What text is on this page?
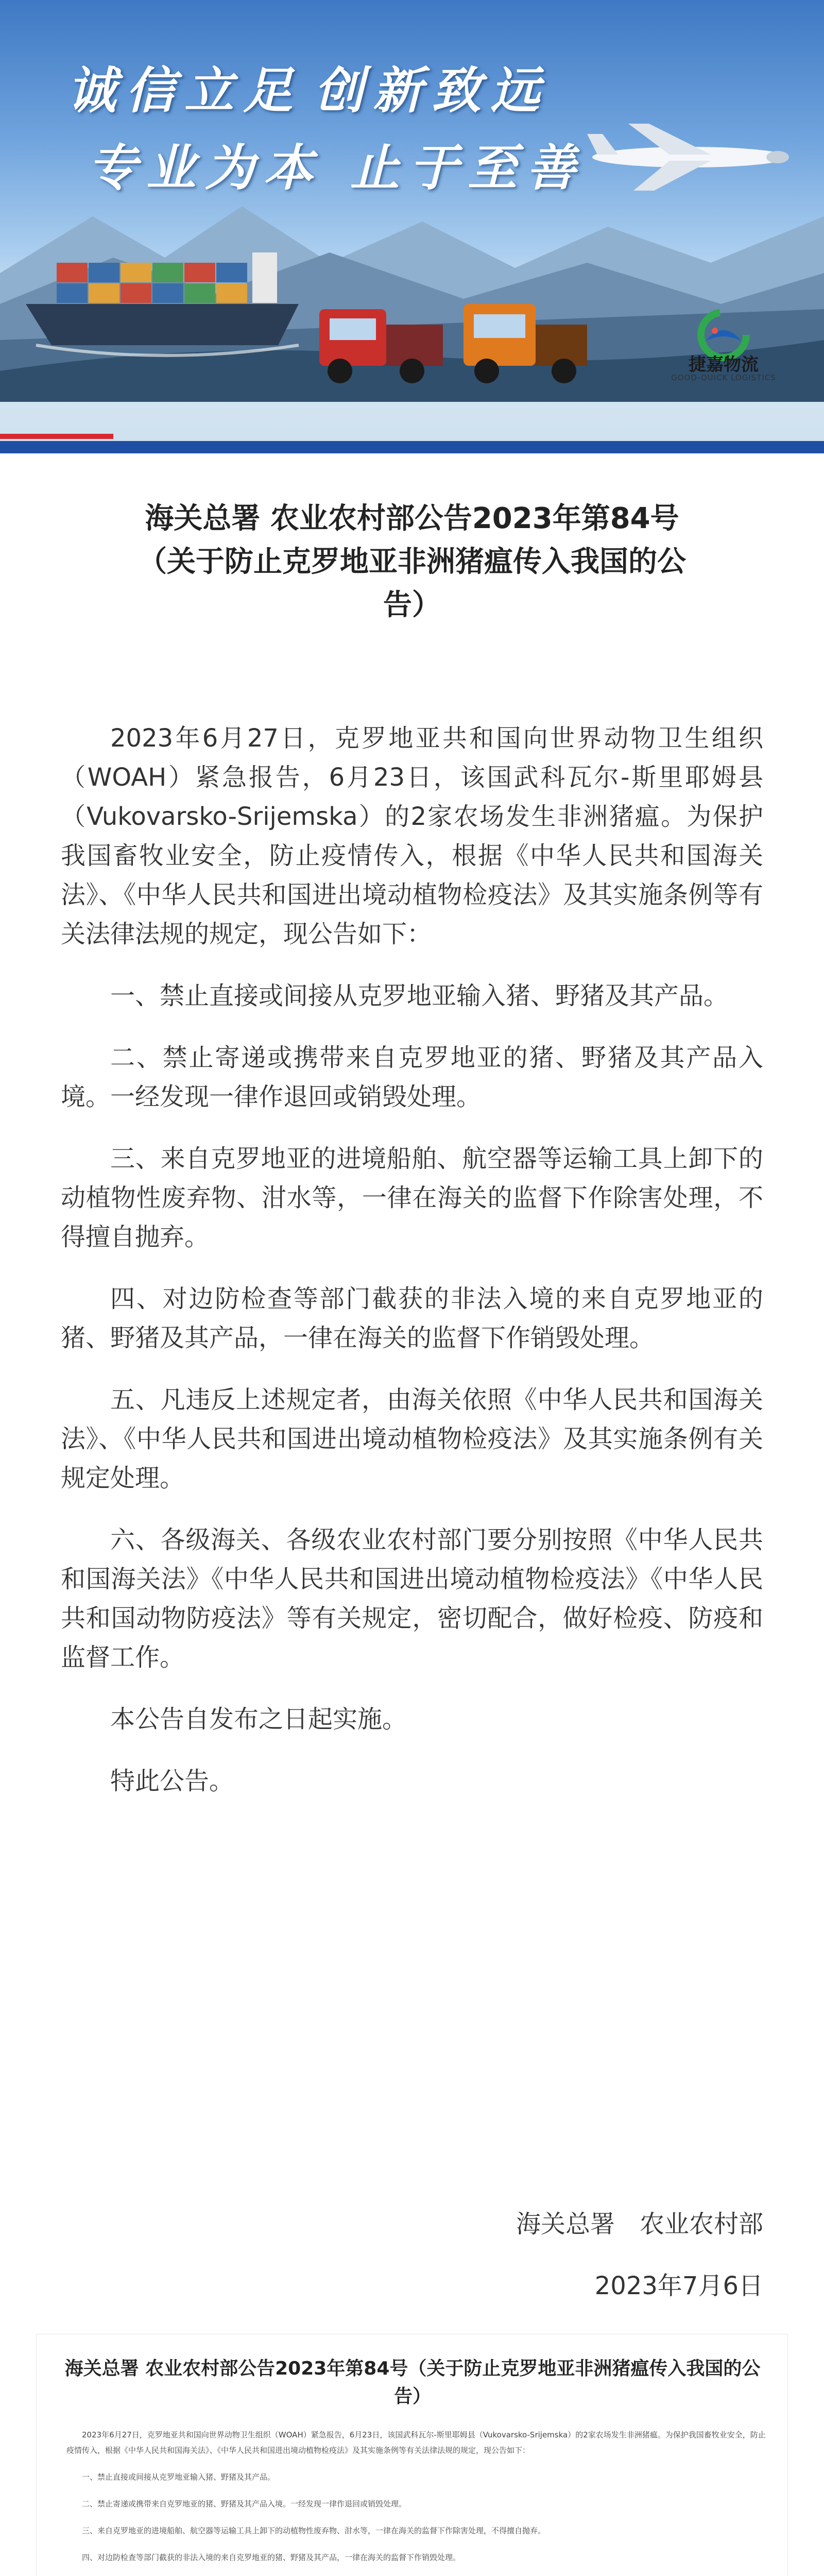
诚信立足 创新致远
专业为本 止于至善
捷嘉物流
GOOD-QUICK LOGISTICS
海关总署 农业农村部公告2023年第84号
（关于防止克罗地亚非洲猪瘟传入我国的公
告）

2023年6月27日，克罗地亚共和国向世界动物卫生组织（WOAH）紧急报告，6月23日，该国武科瓦尔-斯里耶姆县（Vukovarsko-Srijemska）的2家农场发生非洲猪瘟。为保护我国畜牧业安全，防止疫情传入，根据《中华人民共和国海关法》、《中华人民共和国进出境动植物检疫法》及其实施条例等有关法律法规的规定，现公告如下：

一、禁止直接或间接从克罗地亚输入猪、野猪及其产品。

二、禁止寄递或携带来自克罗地亚的猪、野猪及其产品入境。一经发现一律作退回或销毁处理。

三、来自克罗地亚的进境船舶、航空器等运输工具上卸下的动植物性废弃物、泔水等，一律在海关的监督下作除害处理，不得擅自抛弃。

四、对边防检查等部门截获的非法入境的来自克罗地亚的猪、野猪及其产品，一律在海关的监督下作销毁处理。

五、凡违反上述规定者，由海关依照《中华人民共和国海关法》、《中华人民共和国进出境动植物检疫法》及其实施条例有关规定处理。

六、各级海关、各级农业农村部门要分别按照《中华人民共和国海关法》《中华人民共和国进出境动植物检疫法》《中华人民共和国动物防疫法》等有关规定，密切配合，做好检疫、防疫和监督工作。

本公告自发布之日起实施。

特此公告。

海关总署　农业农村部
2023年7月6日
海关总署 农业农村部公告2023年第84号（关于防止克罗地亚非洲猪瘟传入我国的公
告）

2023年6月27日，克罗地亚共和国向世界动物卫生组织（WOAH）紧急报告，6月23日，该国武科瓦尔-斯里耶姆县（Vukovarsko-Srijemska）的2家农场发生非洲猪瘟。为保护我国畜牧业安全，防止疫情传入，根据《中华人民共和国海关法》、《中华人民共和国进出境动植物检疫法》及其实施条例等有关法律法规的规定，现公告如下：

一、禁止直接或间接从克罗地亚输入猪、野猪及其产品。

二、禁止寄递或携带来自克罗地亚的猪、野猪及其产品入境。一经发现一律作退回或销毁处理。

三、来自克罗地亚的进境船舶、航空器等运输工具上卸下的动植物性废弃物、泔水等，一律在海关的监督下作除害处理，不得擅自抛弃。

四、对边防检查等部门截获的非法入境的来自克罗地亚的猪、野猪及其产品，一律在海关的监督下作销毁处理。
